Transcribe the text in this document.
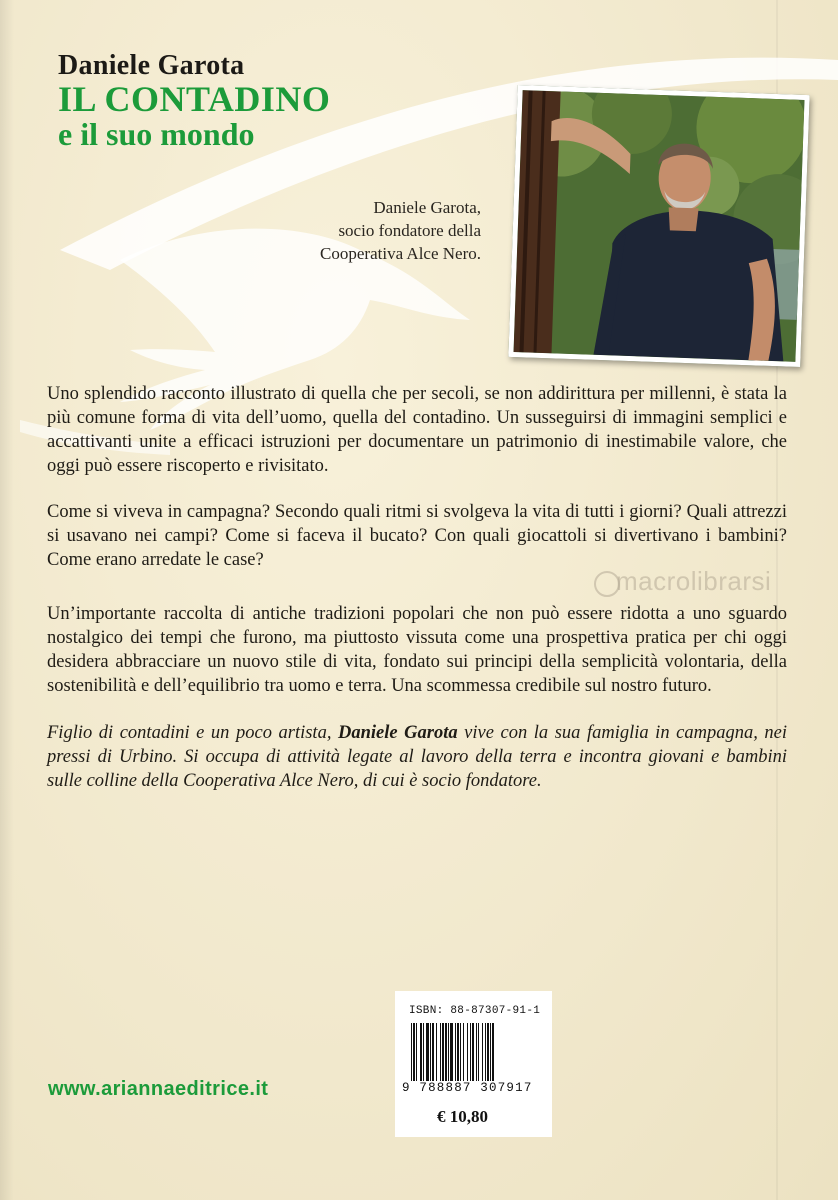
Daniele Garota
IL CONTADINO
e il suo mondo
Daniele Garota,
socio fondatore della
Cooperativa Alce Nero.
Uno splendido racconto illustrato di quella che per secoli, se non addirittura per millenni, è stata la più comune forma di vita dell’uomo, quella del contadino. Un susseguirsi di immagini semplici e accattivanti unite a efficaci istruzioni per documentare un patrimonio di inestimabile valore, che oggi può essere riscoperto e rivisitato.
Come si viveva in campagna? Secondo quali ritmi si svolgeva la vita di tutti i giorni? Quali attrezzi si usavano nei campi? Come si faceva il bucato? Con quali giocattoli si divertivano i bambini? Come erano arredate le case?
Un’importante raccolta di antiche tradizioni popolari che non può essere ridotta a uno sguardo nostalgico dei tempi che furono, ma piuttosto vissuta come una prospettiva pratica per chi oggi desidera abbracciare un nuovo stile di vita, fondato sui principi della semplicità volontaria, della sostenibilità e dell’equilibrio tra uomo e terra. Una scommessa credibile sul nostro futuro.
Figlio di contadini e un poco artista, Daniele Garota vive con la sua famiglia in campagna, nei pressi di Urbino. Si occupa di attività legate al lavoro della terra e incontra giovani e bambini sulle colline della Cooperativa Alce Nero, di cui è socio fondatore.
macrolibrarsi
www.ariannaeditrice.it
ISBN: 88-87307-91-1
9 788887 307917
€ 10,80
